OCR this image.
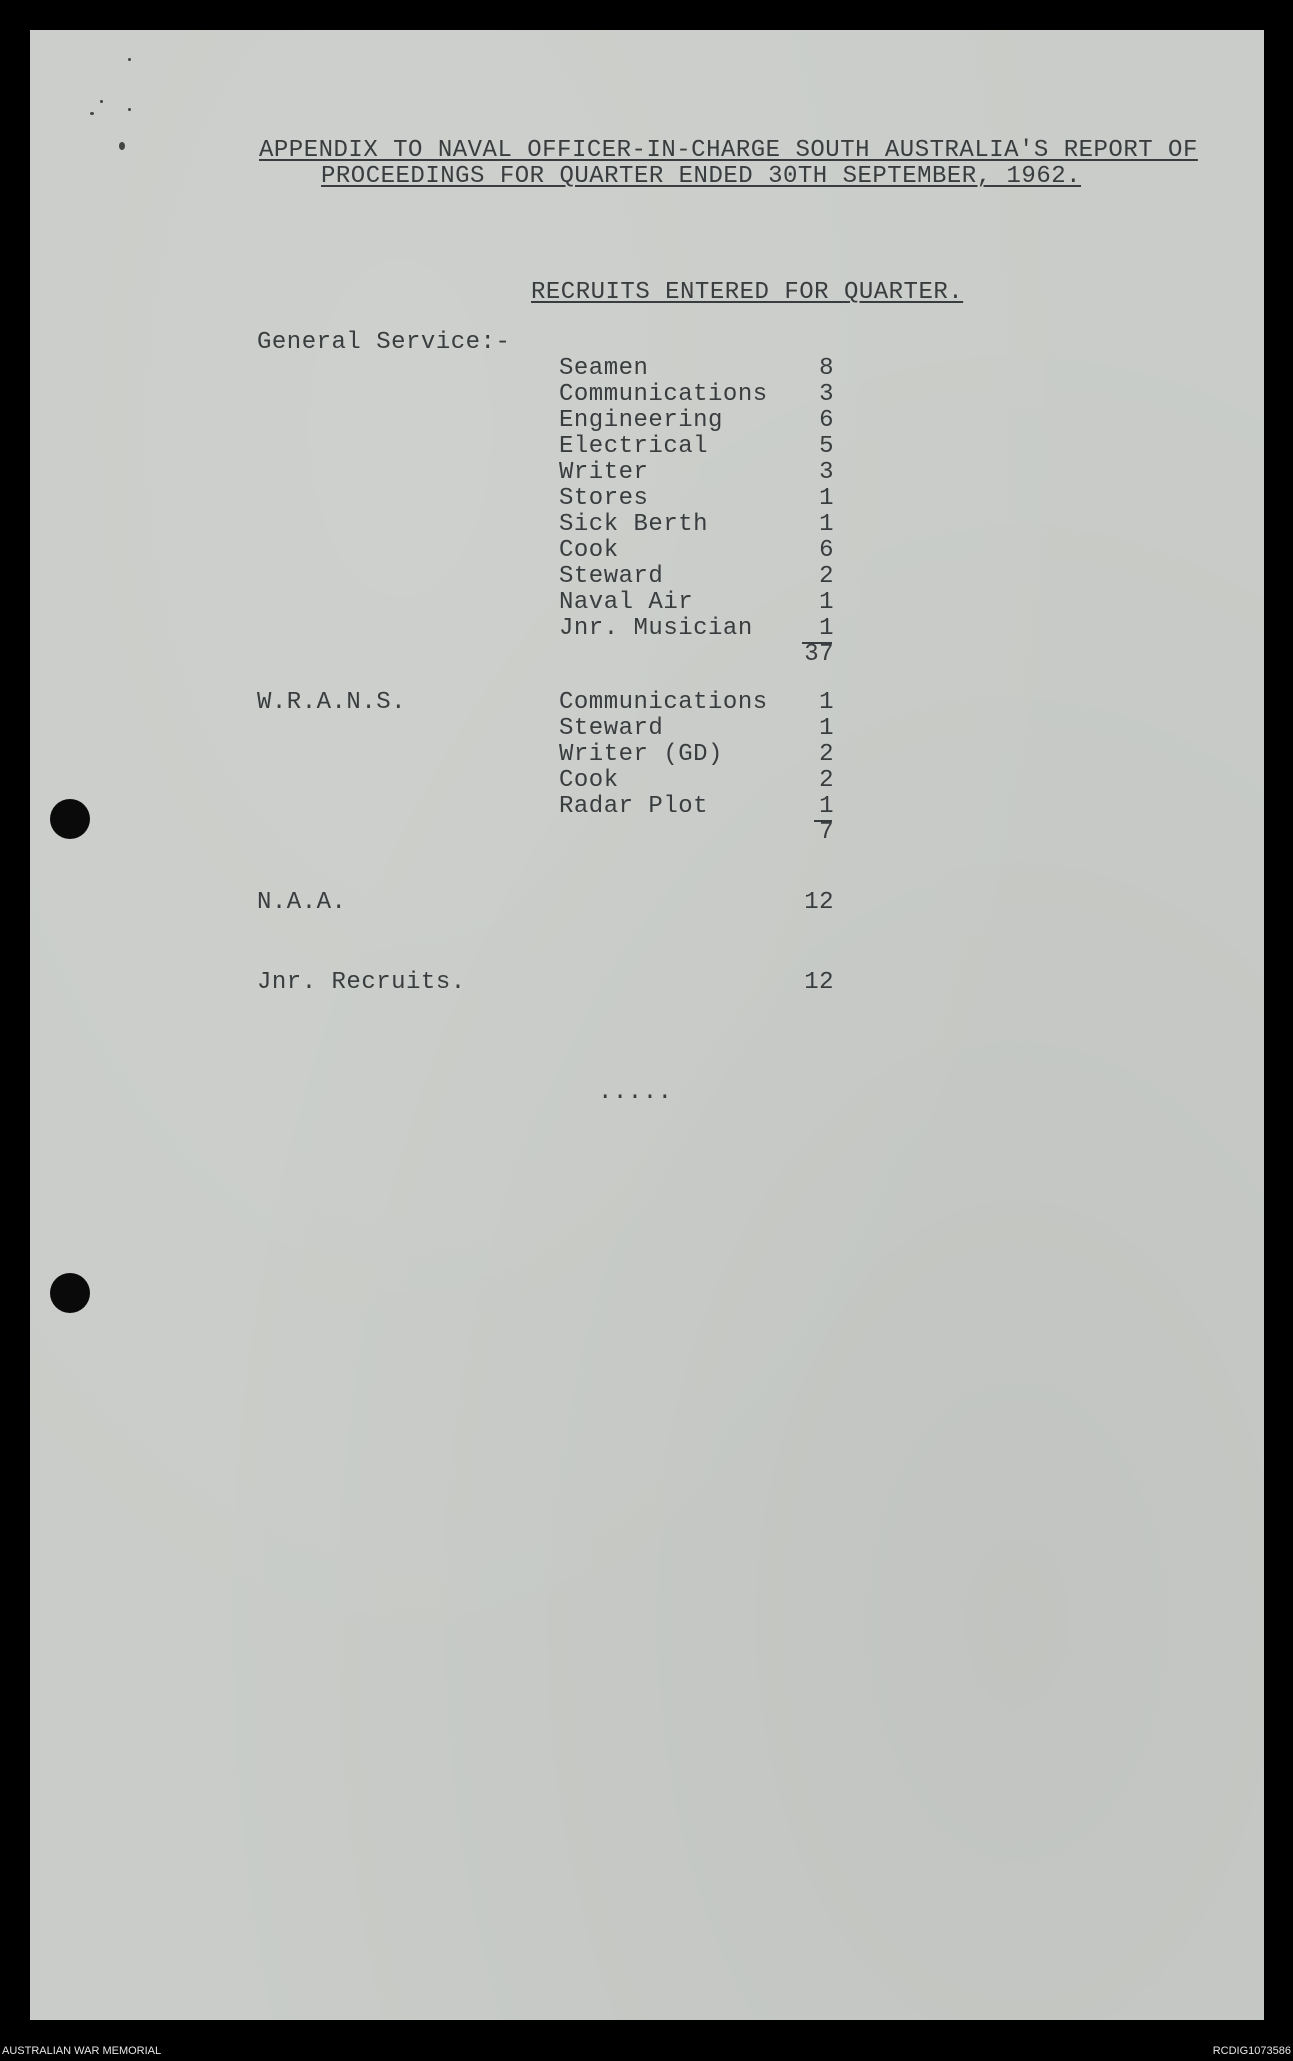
APPENDIX TO NAVAL OFFICER-IN-CHARGE SOUTH AUSTRALIA'S REPORT OF
PROCEEDINGS FOR QUARTER ENDED 30TH SEPTEMBER, 1962.
RECRUITS ENTERED FOR QUARTER.
General Service:-
Seamen	8
Communications	3
Engineering	6
Electrical	5
Writer	3
Stores	1
Sick Berth	1
Cook	6
Steward	2
Naval Air	1
Jnr. Musician	1
37
W.R.A.N.S.	Communications	1
Steward	1
Writer (GD)	2
Cook	2
Radar Plot	1
7
N.A.A.	12
Jnr. Recruits.	12
.....
AUSTRALIAN WAR MEMORIAL	RCDIG1073586
